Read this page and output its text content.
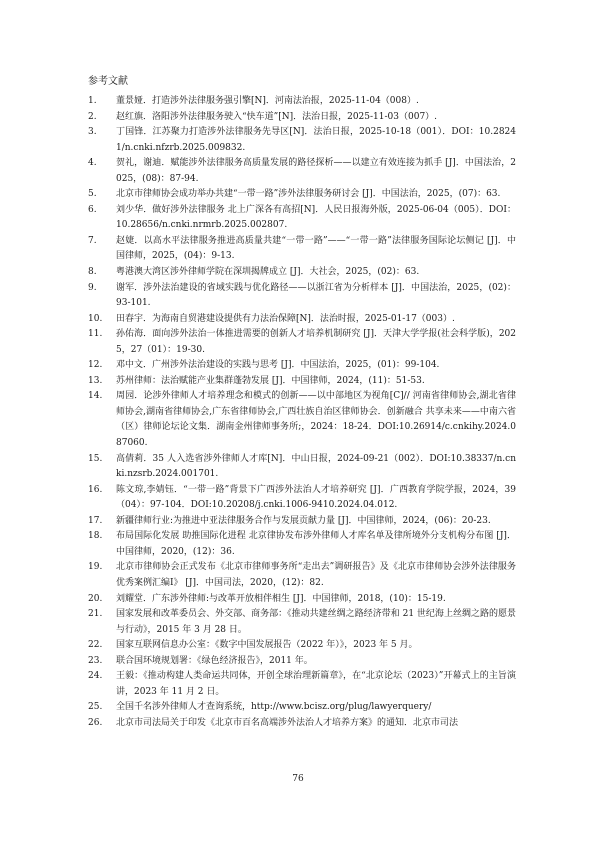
参考文献
1. 董景娅．打造涉外法律服务强引擎[N]．河南法治报，2025-11-04（008）.
2. 赵红旗．洛阳涉外法律服务驶入“快车道”[N]．法治日报，2025-11-03（007）.
3. 丁国锋．江苏聚力打造涉外法律服务先导区[N]．法治日报，2025-10-18（001）．DOI：10.28241/n.cnki.nfzrb.2025.009832.
4. 贺礼，谢迪．赋能涉外法律服务高质量发展的路径探析——以建立有效连接为抓手 [J]．中国法治，2025，(08)：87-94.
5. 北京市律师协会成功举办共建“一带一路”涉外法律服务研讨会 [J]．中国法治，2025，(07)：63.
6. 刘少华．做好涉外法律服务 北上广深各有高招[N]．人民日报海外版，2025-06-04（005）．DOI：10.28656/n.cnki.nrmrb.2025.002807.
7. 赵婕．以高水平法律服务推进高质量共建“一带一路”——“一带一路”法律服务国际论坛侧记 [J]．中国律师，2025，(04)：9-13.
8. 粤港澳大湾区涉外律师学院在深圳揭牌成立 [J]．大社会，2025，(02)：63.
9. 谢军．涉外法治建设的省域实践与优化路径——以浙江省为分析样本 [J]．中国法治，2025，(02)：93-101.
10. 田春宇．为海南自贸港建设提供有力法治保障[N]．法治时报，2025-01-17（003）.
11. 孙佑海．面向涉外法治一体推进需要的创新人才培养机制研究 [J]．天津大学学报(社会科学版)，2025，27（01）：19-30.
12. 邓中文．广州涉外法治建设的实践与思考 [J]．中国法治，2025，(01)：99-104.
13. 苏州律师：法治赋能产业集群蓬勃发展 [J]．中国律师，2024，(11)：51-53.
14. 周园．论涉外律师人才培养理念和模式的创新——以中部地区为视角[C]// 河南省律师协会,湖北省律师协会,湖南省律师协会,广东省律师协会,广西壮族自治区律师协会．创新融合 共享未来——中南六省（区）律师论坛论文集．湖南金州律师事务所;，2024：18-24．DOI:10.26914/c.cnkihy.2024.087060.
15. 高倩莉．35 人入选省涉外律师人才库[N]．中山日报，2024-09-21（002）．DOI:10.38337/n.cnki.nzsrb.2024.001701.
16. 陈文琼,李婧钰．“一带一路”背景下广西涉外法治人才培养研究 [J]．广西教育学院学报，2024，39（04）：97-104．DOI:10.20208/j.cnki.1006-9410.2024.04.012.
17. 新疆律师行业:为推进中亚法律服务合作与发展贡献力量 [J]．中国律师，2024，(06)：20-23.
18. 布局国际化发展 助推国际化进程 北京律协发布涉外律师人才库名单及律所境外分支机构分布图 [J]．中国律师，2020，(12)：36.
19. 北京市律师协会正式发布《北京市律师事务所“走出去”调研报告》及《北京市律师协会涉外法律服务优秀案例汇编Ⅰ》 [J]．中国司法，2020，(12)：82.
20. 刘耀堂．广东涉外律师:与改革开放相伴相生 [J]．中国律师，2018，(10)：15-19.
21. 国家发展和改革委员会、外交部、商务部：《推动共建丝绸之路经济带和 21 世纪海上丝绸之路的愿景与行动》，2015 年 3 月 28 日。
22. 国家互联网信息办公室：《数字中国发展报告（2022 年）》，2023 年 5 月。
23. 联合国环境规划署：《绿色经济报告》，2011 年。
24. 王毅：《推动构建人类命运共同体，开创全球治理新篇章》，在“北京论坛（2023）”开幕式上的主旨演讲，2023 年 11 月 2 日。
25. 全国千名涉外律师人才查询系统，http://www.bcisz.org/plug/lawyerquery/
26. 北京市司法局关于印发《北京市百名高端涉外法治人才培养方案》的通知．北京市司法
76
